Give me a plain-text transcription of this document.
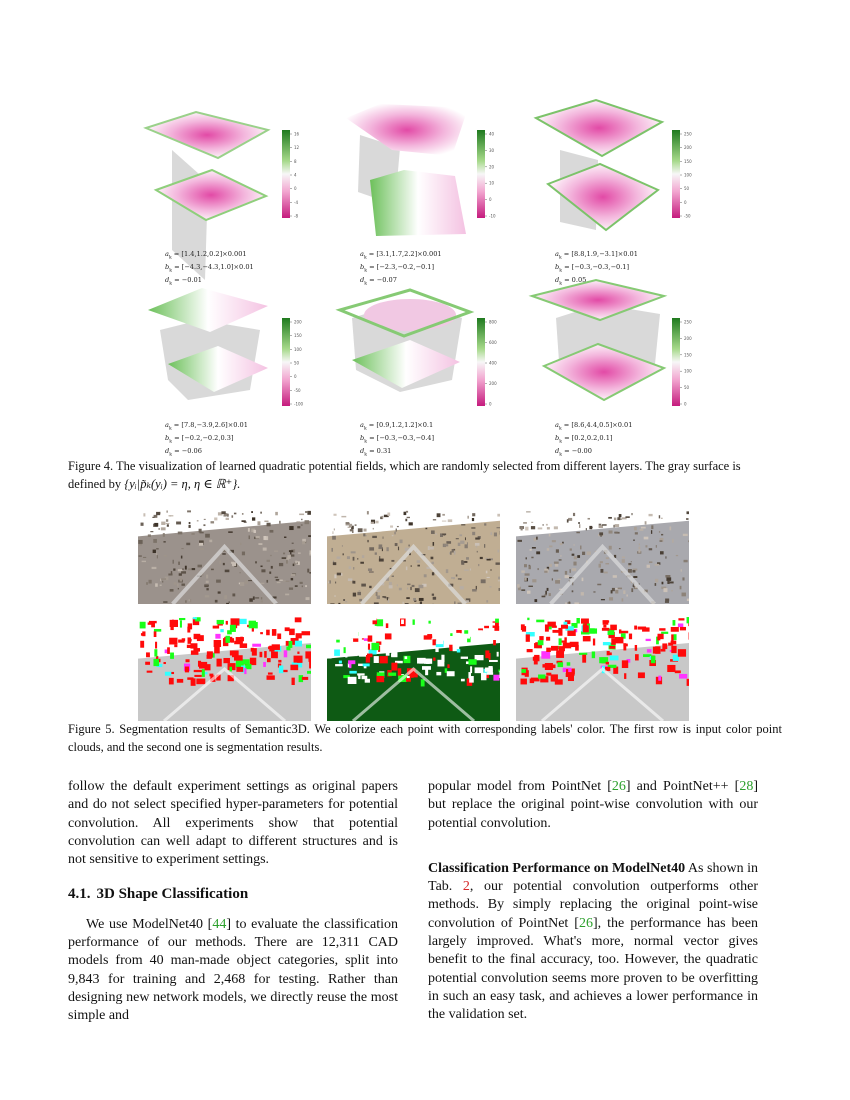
16
12
8
4
0
-4
-8
40
30
20
10
0
-10
250
200
150
100
50
0
-50
200
150
100
50
0
-50
-100
800
600
400
200
0
250
200
150
100
50
0
$a_k = [1.4,1.2,0.2]\times 0.001$
$b_k = [-4.3,-4.3,1.0]\times 0.01$
$d_k = -0.01$
$a_k = [3.1,1.7,2.2]\times 0.001$
$b_k = [-2.3,-0.2,-0.1]$
$d_k = -0.07$
$a_k = [8.8,1.9,-3.1]\times 0.01$
$b_k = [-0.3,-0.3,-0.1]$
$d_k = 0.05$
$a_k = [7.8,-3.9,2.6]\times 0.01$
$b_k = [-0.2,-0.2,0.3]$
$d_k = -0.06$
$a_k = [0.9,1.2,1.2]\times 0.1$
$b_k = [-0.3,-0.3,-0.4]$
$d_k = 0.31$
$a_k = [8.6,4.4,0.5]\times 0.01$
$b_k = [0.2,0.2,0.1]$
$d_k = -0.00$
Figure 4. The visualization of learned quadratic potential fields, which are randomly selected from different layers. The gray surface is
defined by {yᵢ|p̃ₖ(yᵢ) = η, η ∈ ℝ⁺}.
Figure 5. Segmentation results of Semantic3D. We colorize each point with corresponding labels' color. The first row is input color point clouds, and the second one is segmentation results.

follow the default experiment settings as original papers and do not select specified hyper-parameters for potential convolution. All experiments show that potential convolution can well adapt to different structures and is not sensitive to experiment settings.

4.1. 3D Shape Classification

We use ModelNet40 [44] to evaluate the classification performance of our methods. There are 12,311 CAD models from 40 man-made object categories, split into 9,843 for training and 2,468 for testing. Rather than designing new network models, we directly reuse the most simple and

popular model from PointNet [26] and PointNet++ [28] but replace the original point-wise convolution with our potential convolution.

Classification Performance on ModelNet40 As shown in Tab. 2, our potential convolution outperforms other methods. By simply replacing the original point-wise convolution of PointNet [26], the performance has been largely improved. What's more, normal vector gives benefit to the final accuracy, too. However, the quadratic potential convolution seems more proven to be overfitting in such an easy task, and achieves a lower performance in the validation set.
